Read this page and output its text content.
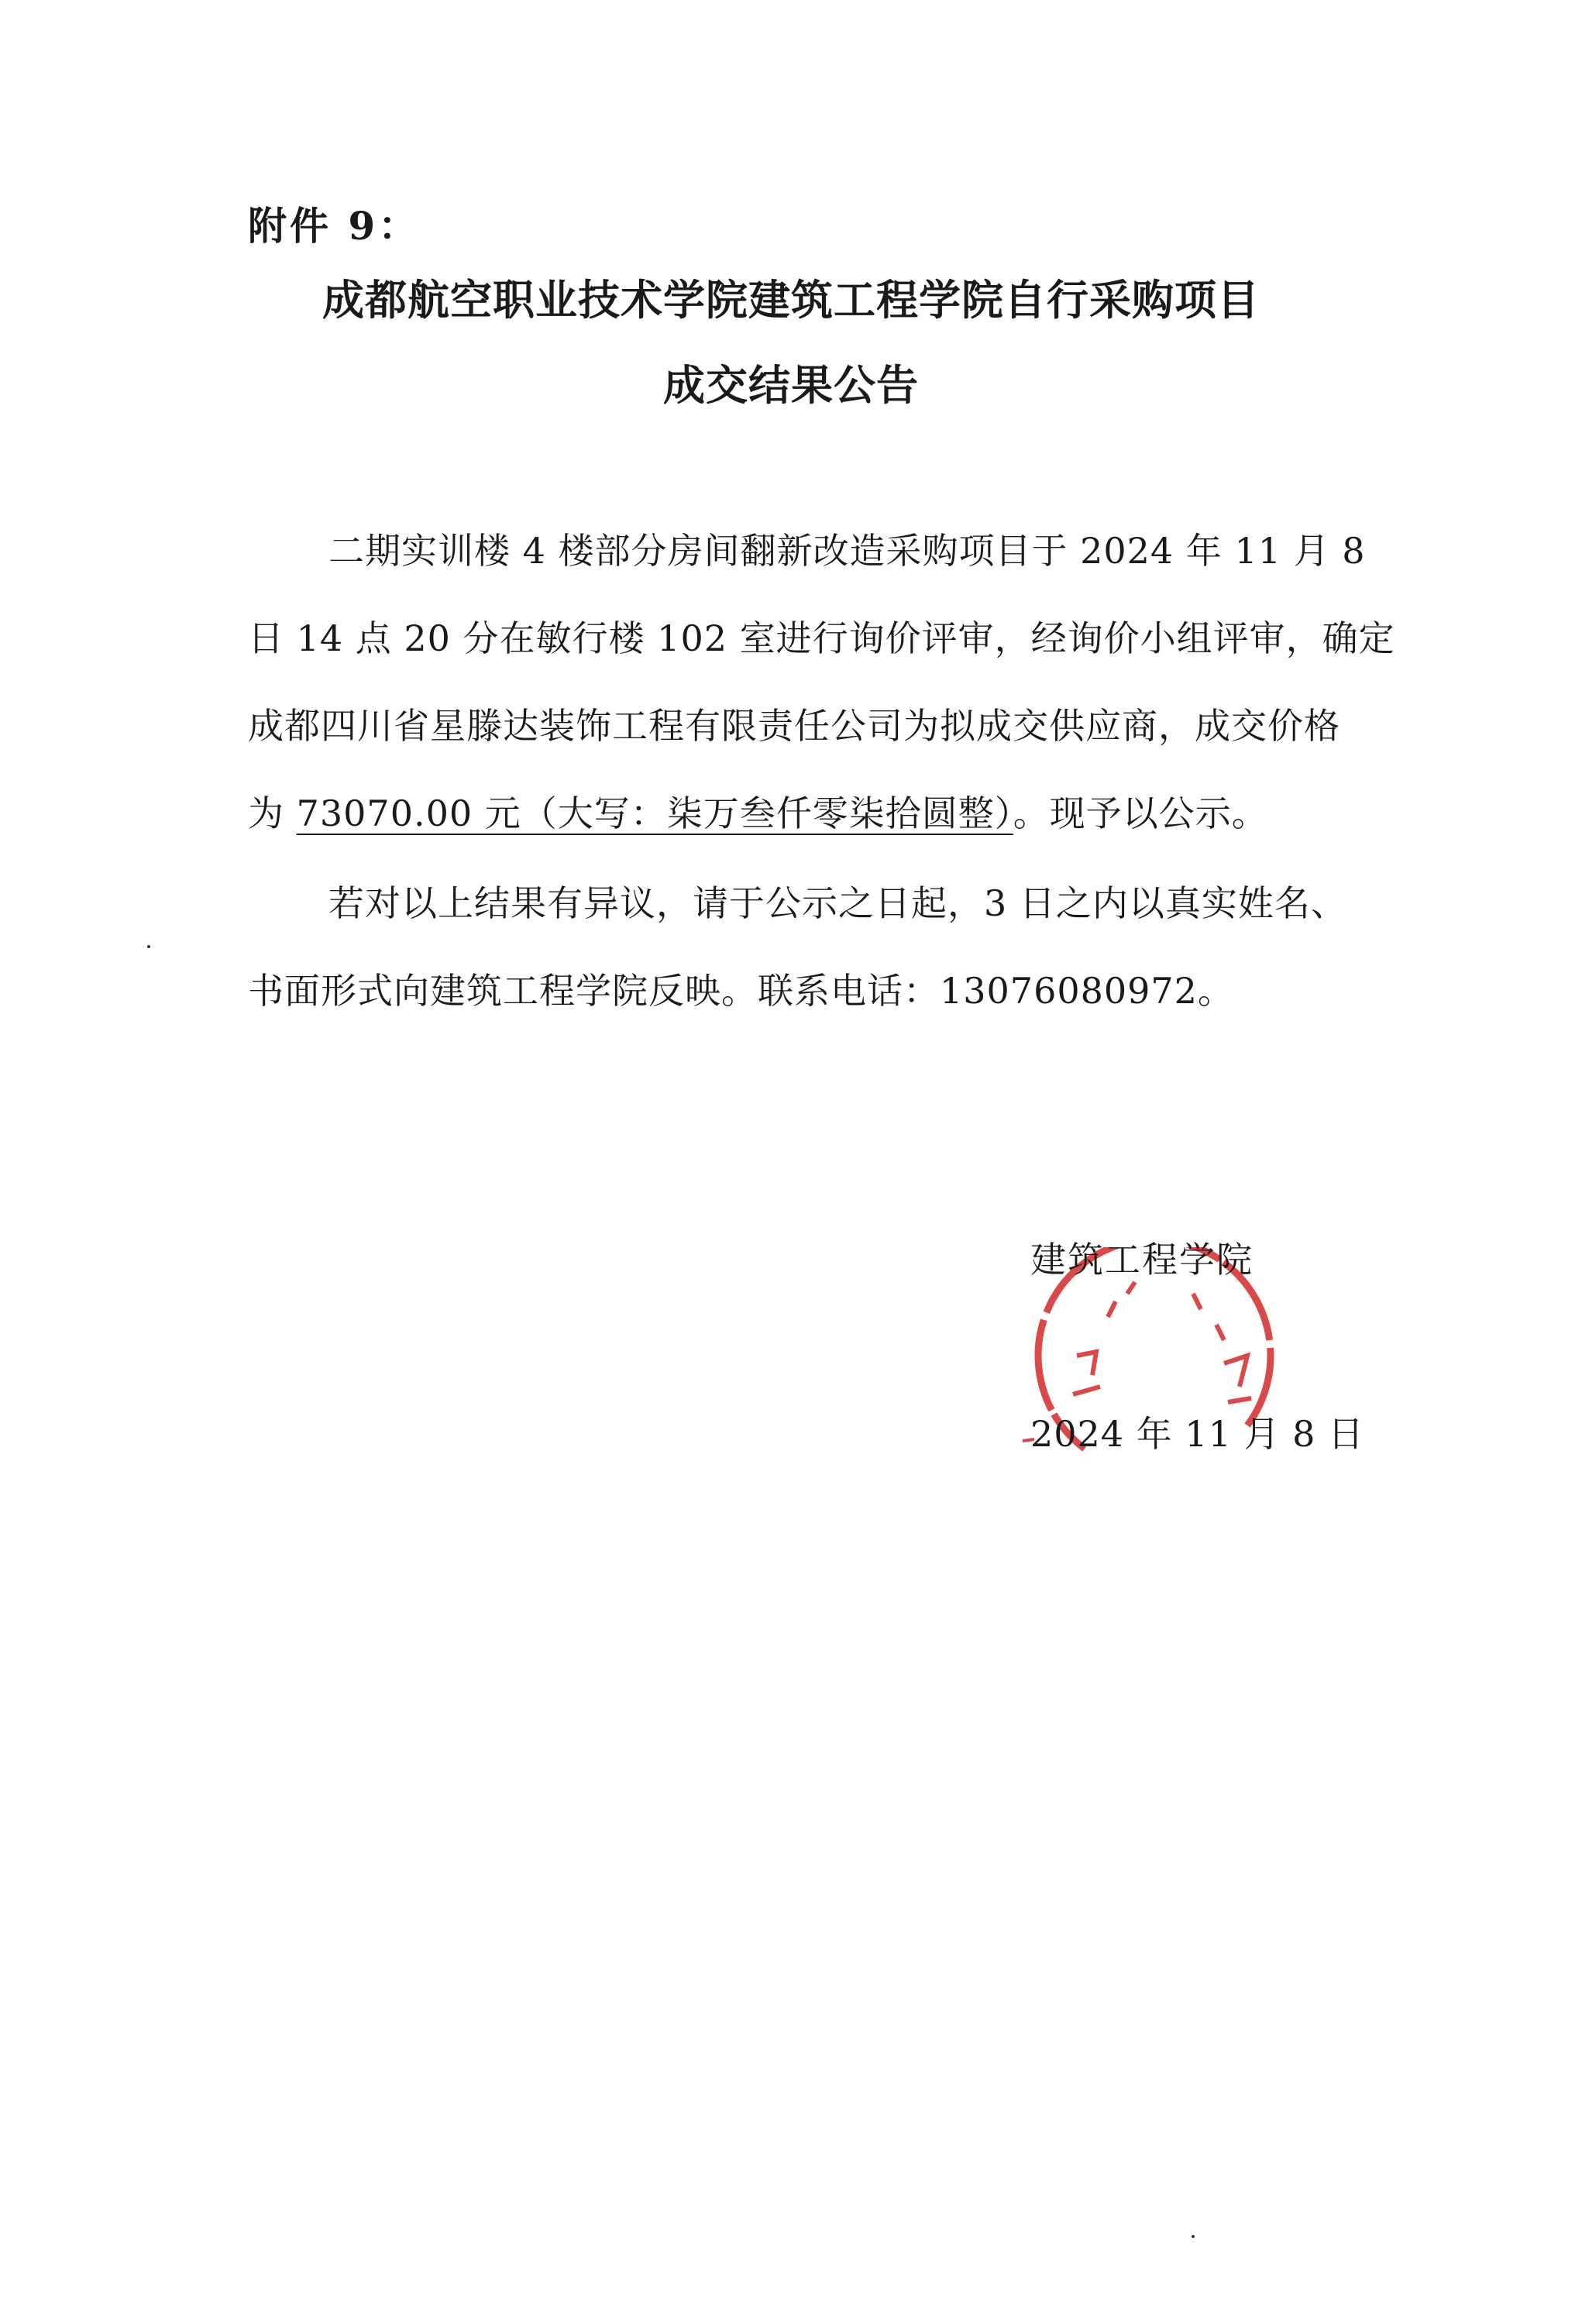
附件 9：
成都航空职业技术学院建筑工程学院自行采购项目
成交结果公告
二期实训楼 4 楼部分房间翻新改造采购项目于 2024 年 11 月 8
日 14 点 20 分在敏行楼 102 室进行询价评审，经询价小组评审，确定
成都四川省星滕达装饰工程有限责任公司为拟成交供应商，成交价格
为 73070.00 元（大写：柒万叁仟零柒拾圆整）。现予以公示。
若对以上结果有异议，请于公示之日起，3 日之内以真实姓名、
书面形式向建筑工程学院反映。联系电话：13076080972。
建筑工程学院
2024 年 11 月 8 日
